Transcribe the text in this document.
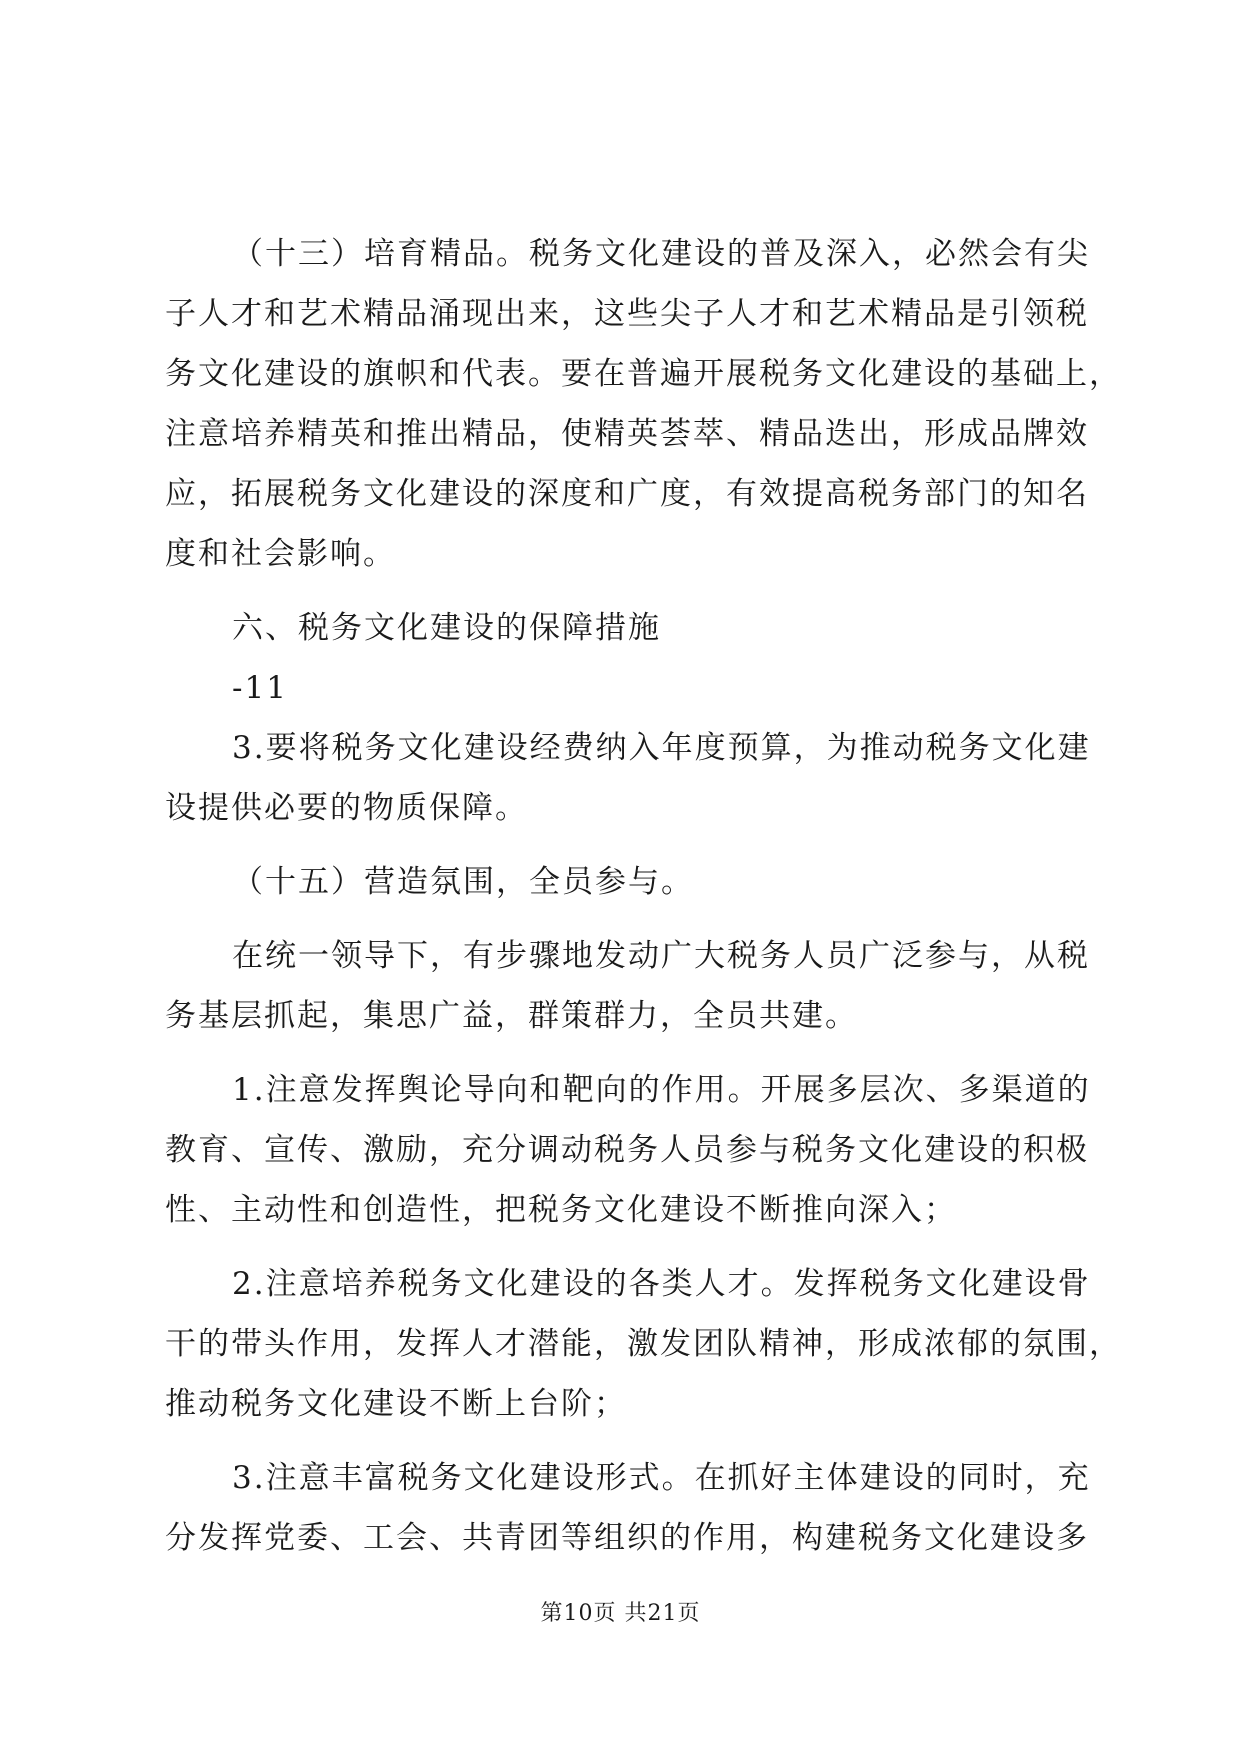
（十三）培育精品。税务文化建设的普及深入，必然会有尖
子人才和艺术精品涌现出来，这些尖子人才和艺术精品是引领税
务文化建设的旗帜和代表。要在普遍开展税务文化建设的基础上，
注意培养精英和推出精品，使精英荟萃、精品迭出，形成品牌效
应，拓展税务文化建设的深度和广度，有效提高税务部门的知名
度和社会影响。
六、税务文化建设的保障措施
-11
3.要将税务文化建设经费纳入年度预算，为推动税务文化建
设提供必要的物质保障。
（十五）营造氛围，全员参与。
在统一领导下，有步骤地发动广大税务人员广泛参与，从税
务基层抓起，集思广益，群策群力，全员共建。
1.注意发挥舆论导向和靶向的作用。开展多层次、多渠道的
教育、宣传、激励，充分调动税务人员参与税务文化建设的积极
性、主动性和创造性，把税务文化建设不断推向深入；
2.注意培养税务文化建设的各类人才。发挥税务文化建设骨
干的带头作用，发挥人才潜能，激发团队精神，形成浓郁的氛围，
推动税务文化建设不断上台阶；
3.注意丰富税务文化建设形式。在抓好主体建设的同时，充
分发挥党委、工会、共青团等组织的作用，构建税务文化建设多
第10页 共21页
